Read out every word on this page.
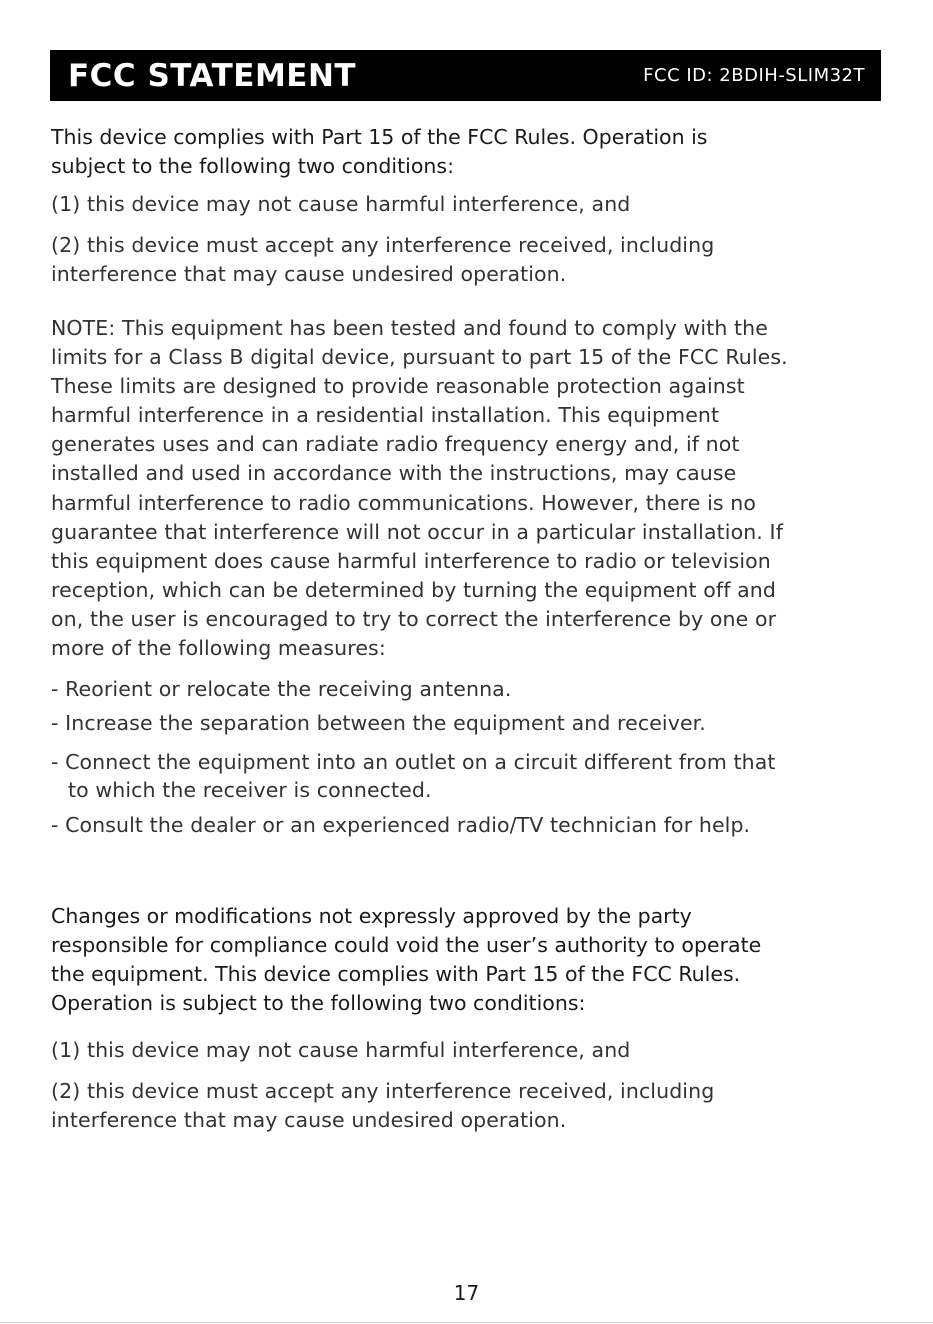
FCC STATEMENT	FCC ID: 2BDIH-SLIM32T
This device complies with Part 15 of the FCC Rules. Operation is
subject to the following two conditions:
(1) this device may not cause harmful interference, and
(2) this device must accept any interference received, including
interference that may cause undesired operation.
NOTE: This equipment has been tested and found to comply with the
limits for a Class B digital device, pursuant to part 15 of the FCC Rules.
These limits are designed to provide reasonable protection against
harmful interference in a residential installation. This equipment
generates uses and can radiate radio frequency energy and, if not
installed and used in accordance with the instructions, may cause
harmful interference to radio communications. However, there is no
guarantee that interference will not occur in a particular installation. If
this equipment does cause harmful interference to radio or television
reception, which can be determined by turning the equipment off and
on, the user is encouraged to try to correct the interference by one or
more of the following measures:
- Reorient or relocate the receiving antenna.
- Increase the separation between the equipment and receiver.
- Connect the equipment into an outlet on a circuit different from that
to which the receiver is connected.
- Consult the dealer or an experienced radio/TV technician for help.
Changes or modifications not expressly approved by the party
responsible for compliance could void the user’s authority to operate
the equipment. This device complies with Part 15 of the FCC Rules.
Operation is subject to the following two conditions:
(1) this device may not cause harmful interference, and
(2) this device must accept any interference received, including
interference that may cause undesired operation.
17
